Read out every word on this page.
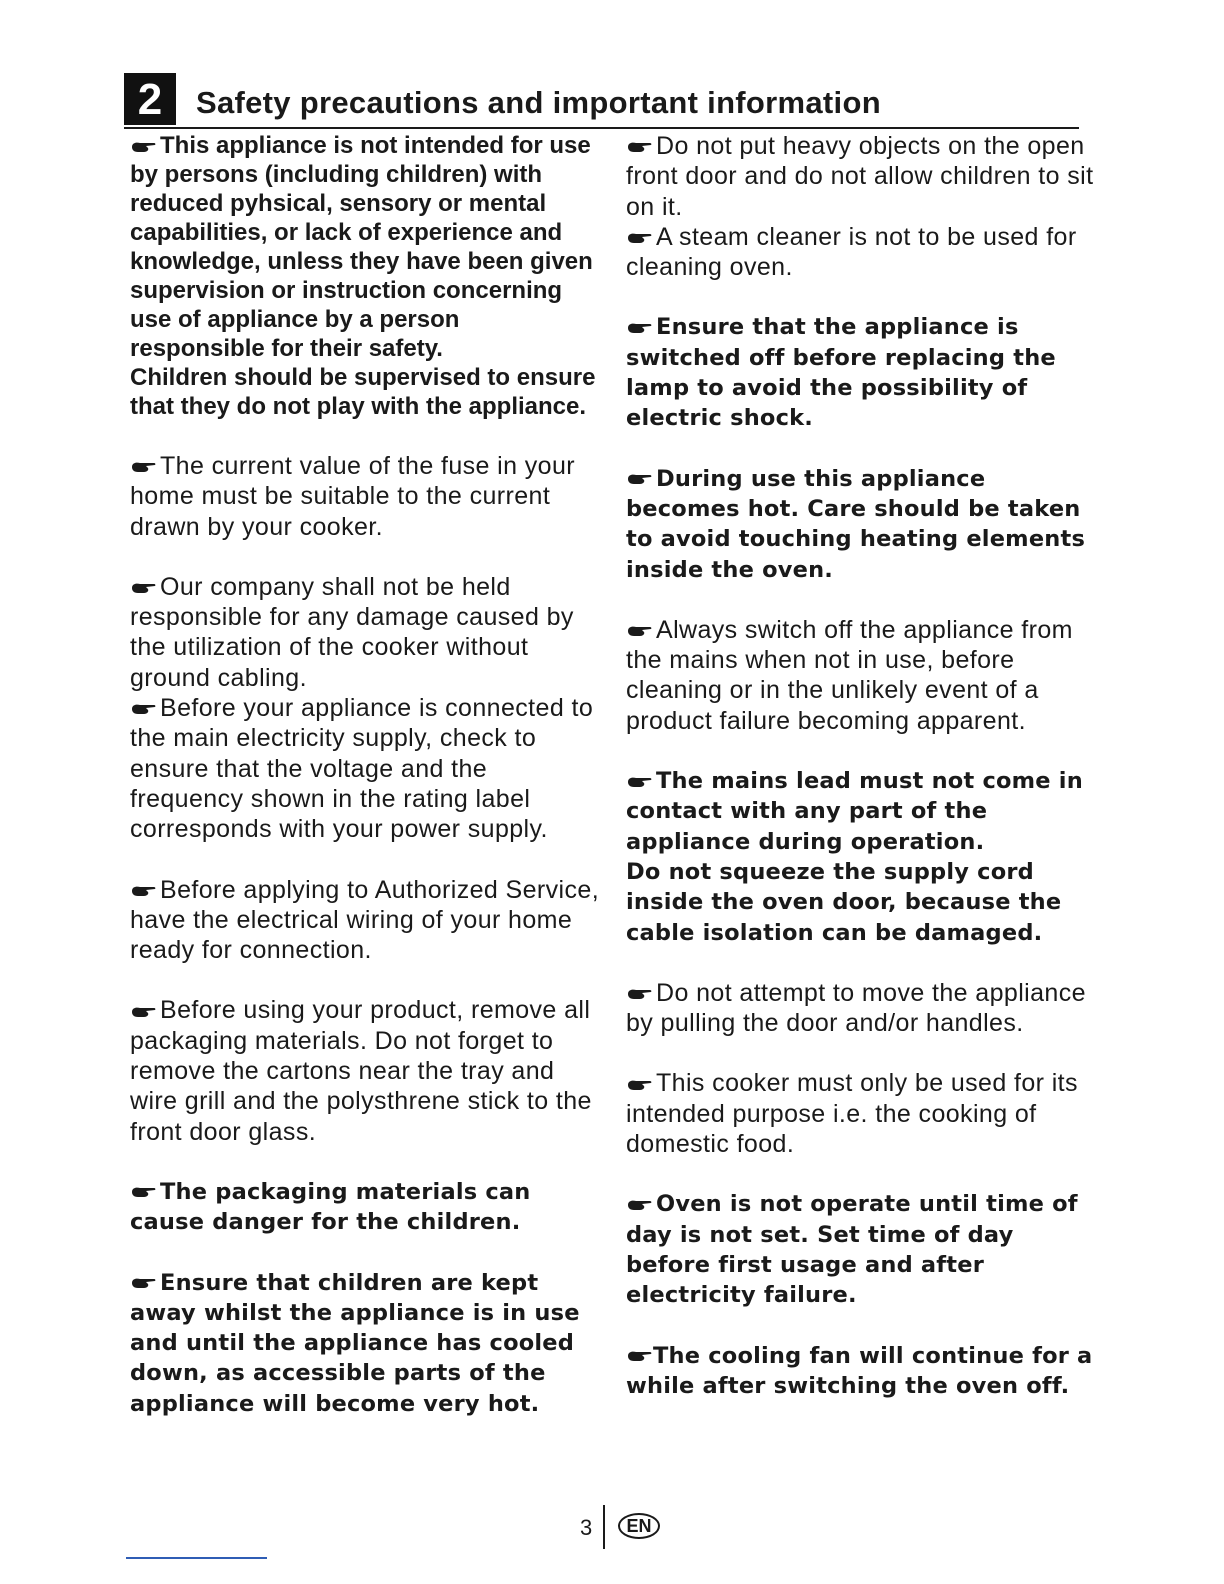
2	Safety precautions and important information
This appliance is not intended for use by persons (including children) with reduced pyhsical, sensory or mental capabilities, or lack of experience and knowledge, unless they have been given supervision or instruction concerning use of appliance by a person responsible for their safety.
Children should be supervised to ensure that they do not play with the appliance.
The current value of the fuse in your home must be suitable to the current drawn by your cooker.
Our company shall not be held responsible for any damage caused by the utilization of the cooker without ground cabling.
Before your appliance is connected to the main electricity supply, check to ensure that the voltage and the frequency shown in the rating label corresponds with your power supply.
Before applying to Authorized Service, have the electrical wiring of your home ready for connection.
Before using your product, remove all packaging materials. Do not forget to remove the cartons near the tray and wire grill and the polysthrene stick to the front door glass.
The packaging materials can cause danger for the children.
Ensure that children are kept away whilst the appliance is in use and until the appliance has cooled down, as accessible parts of the appliance will become very hot.
Do not put heavy objects on the open front door and do not allow children to sit on it.
A steam cleaner is not to be used for cleaning oven.
Ensure that the appliance is switched off before replacing the lamp to avoid the possibility of electric shock.
During use this appliance becomes hot. Care should be taken to avoid touching heating elements inside the oven.
Always switch off the appliance from the mains when not in use, before cleaning or in the unlikely event of a product failure becoming apparent.
The mains lead must not come in contact with any part of the appliance during operation.
Do not squeeze the supply cord inside the oven door, because the cable isolation can be damaged.
Do not attempt to move the appliance by pulling the door and/or handles.
This cooker must only be used for its intended purpose i.e. the cooking of domestic food.
Oven is not operate until time of day is not set. Set time of day before first usage and after electricity failure.
The cooling fan will continue for a while after switching the oven off.
3	EN
